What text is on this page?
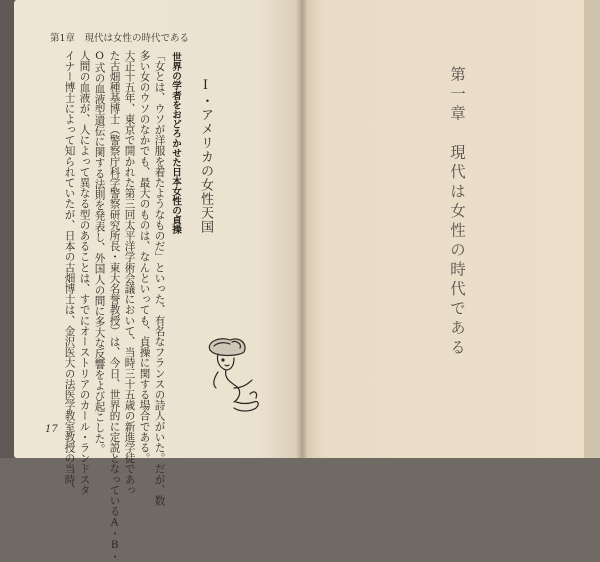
第1章　現代は女性の時代である
「女とは、ウソが洋服を着たようなものだ」といった、有名なフランスの詩人がいた。だが、数
多い女のウソのなかでも、最大のものは、なんといっても、貞操に関する場合である。
大正十五年、東京で開かれた第三回太平洋学術会議において、当時三十五歳の新進学徒であっ
た古畑種基博士（警察庁科学警察研究所長・東大名誉教授）は、今日、世界的に定説となっているA・B・
O式の血液型遺伝に関する法則を発表し、外国人の間に多大な反響をよび起こした。
人間の血液が、人によって異なる型のあることは、すでにオーストリアのカール・ランドスタ
イナー博士によって知られていたが、日本の古畑博士は、金沢医大の法医学教室教授の当時、	世界の学者をおどろかせた日本女性の貞操 Ⅰ・アメリカの女性天国
17
第一章　現代は女性の時代である
